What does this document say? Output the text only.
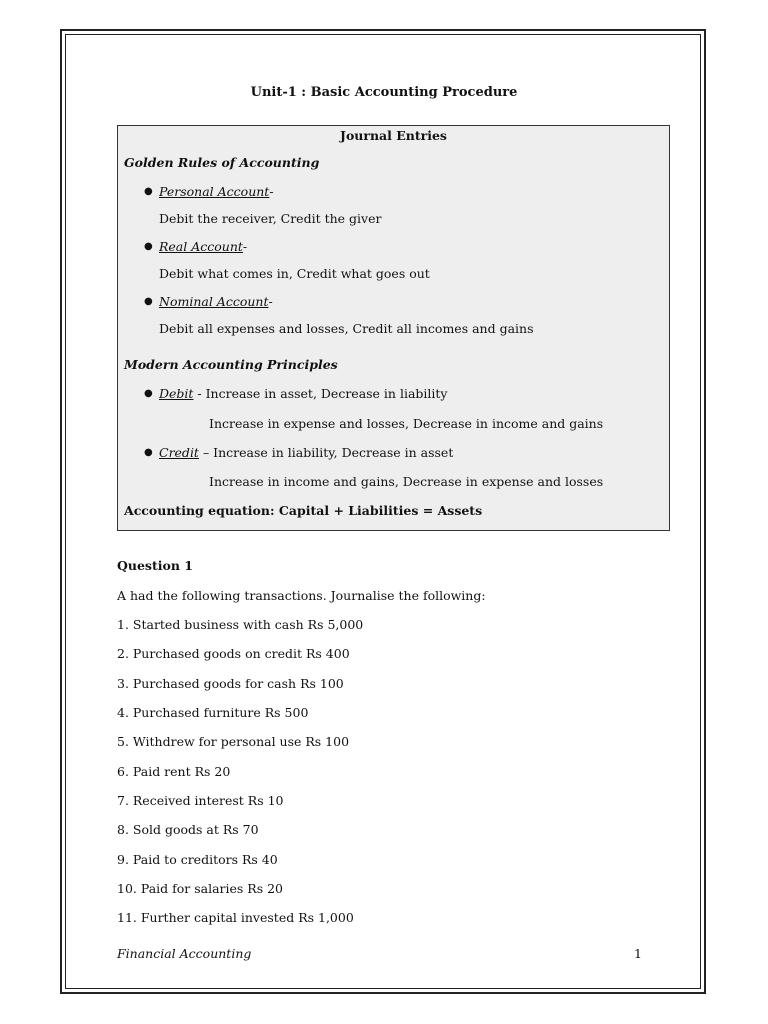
Unit-1 : Basic Accounting Procedure
Journal Entries
Golden Rules of Accounting
● Personal Account-
Debit the receiver, Credit the giver
● Real Account-
Debit what comes in, Credit what goes out
● Nominal Account-
Debit all expenses and losses, Credit all incomes and gains
Modern Accounting Principles
● Debit - Increase in asset, Decrease in liability
Increase in expense and losses, Decrease in income and gains
● Credit – Increase in liability, Decrease in asset
Increase in income and gains, Decrease in expense and losses
Accounting equation: Capital + Liabilities = Assets
Question 1
A had the following transactions. Journalise the following:
1. Started business with cash Rs 5,000
2. Purchased goods on credit Rs 400
3. Purchased goods for cash Rs 100
4. Purchased furniture Rs 500
5. Withdrew for personal use Rs 100
6. Paid rent Rs 20
7. Received interest Rs 10
8. Sold goods at Rs 70
9. Paid to creditors Rs 40
10. Paid for salaries Rs 20
11. Further capital invested Rs 1,000
Financial Accounting	1
